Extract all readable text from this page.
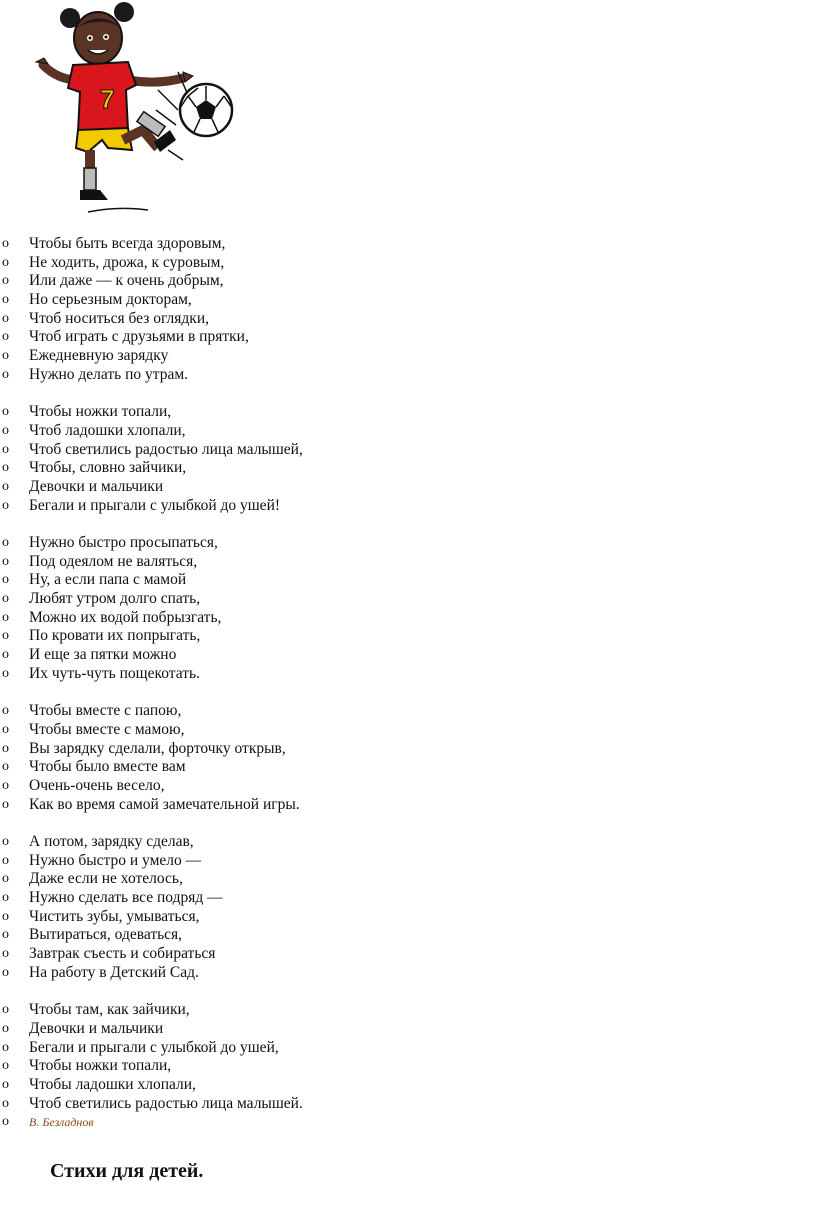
7
o Чтобы быть всегда здоровым,
o Не ходить, дрожа, к суровым,
o Или даже — к очень добрым,
o Но серьезным докторам,
o Чтоб носиться без оглядки,
o Чтоб играть с друзьями в прятки,
o Ежедневную зарядку
o Нужно делать по утрам.
o Чтобы ножки топали,
o Чтоб ладошки хлопали,
o Чтоб светились радостью лица малышей,
o Чтобы, словно зайчики,
o Девочки и мальчики
o Бегали и прыгали с улыбкой до ушей!
o Нужно быстро просыпаться,
o Под одеялом не валяться,
o Ну, а если папа с мамой
o Любят утром долго спать,
o Можно их водой побрызгать,
o По кровати их попрыгать,
o И еще за пятки можно
o Их чуть-чуть пощекотать.
o Чтобы вместе с папою,
o Чтобы вместе с мамою,
o Вы зарядку сделали, форточку открыв,
o Чтобы было вместе вам
o Очень-очень весело,
o Как во время самой замечательной игры.
o А потом, зарядку сделав,
o Нужно быстро и умело —
o Даже если не хотелось,
o Нужно сделать все подряд —
o Чистить зубы, умываться,
o Вытираться, одеваться,
o Завтрак съесть и собираться
o На работу в Детский Сад.
o Чтобы там, как зайчики,
o Девочки и мальчики
o Бегали и прыгали с улыбкой до ушей,
o Чтобы ножки топали,
o Чтобы ладошки хлопали,
o Чтоб светились радостью лица малышей.
o В. Безладнов
Стихи для детей.
